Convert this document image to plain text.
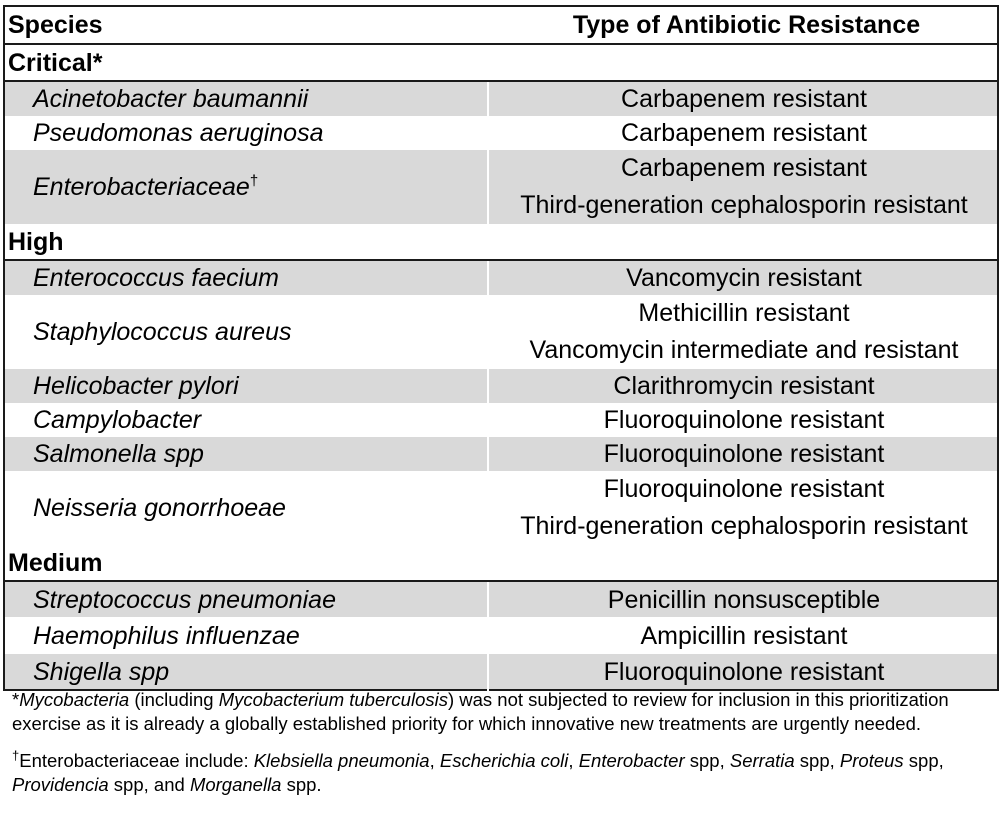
Species	Type of Antibiotic Resistance
Critical*	
Acinetobacter baumannii	Carbapenem resistant
Pseudomonas aeruginosa	Carbapenem resistant
Enterobacteriaceae†	Carbapenem resistant
Third-generation cephalosporin resistant

High	
Enterococcus faecium	Vancomycin resistant
Staphylococcus aureus	Methicillin resistant
Vancomycin intermediate and resistant

Helicobacter pylori	Clarithromycin resistant
Campylobacter	Fluoroquinolone resistant
Salmonella spp	Fluoroquinolone resistant
Neisseria gonorrhoeae	Fluoroquinolone resistant
Third-generation cephalosporin resistant

Medium	
Streptococcus pneumoniae	Penicillin nonsusceptible
Haemophilus influenzae	Ampicillin resistant
Shigella spp	Fluoroquinolone resistant

*Mycobacteria (including Mycobacterium tuberculosis) was not subjected to review for inclusion in this prioritization exercise as it is already a globally established priority for which innovative new treatments are urgently needed.

†Enterobacteriaceae include: Klebsiella pneumonia, Escherichia coli, Enterobacter spp, Serratia spp, Proteus spp, Providencia spp, and Morganella spp.
